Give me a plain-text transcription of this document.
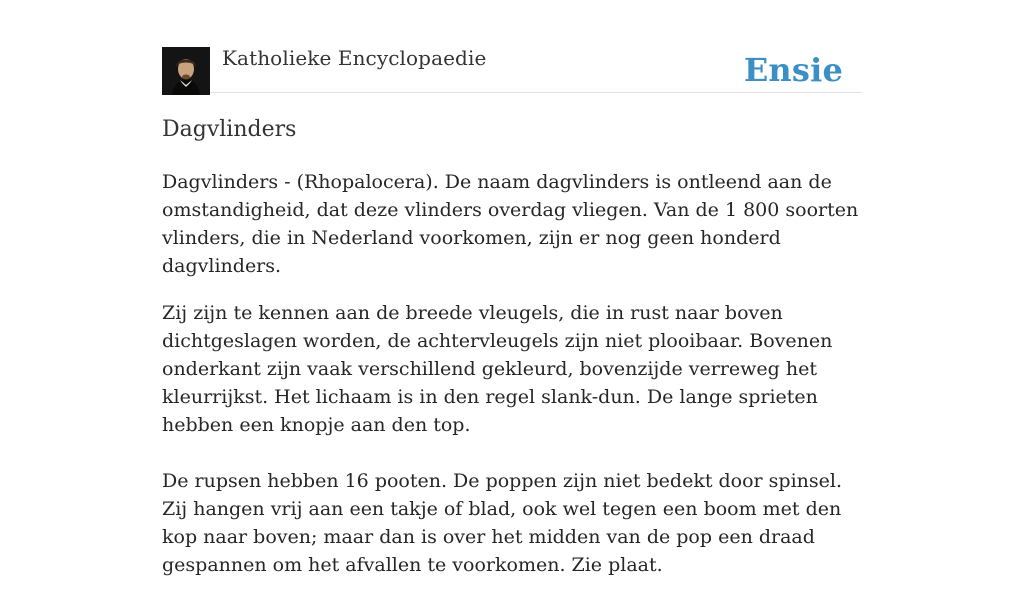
Katholieke Encyclopaedie	Ensie
Dagvlinders

Dagvlinders - (Rhopalocera). De naam dagvlinders is ontleend aan de omstandigheid, dat deze vlinders overdag vliegen. Van de 1 800 soorten vlinders, die in Nederland voorkomen, zijn er nog geen honderd dagvlinders.

Zij zijn te kennen aan de breede vleugels, die in rust naar boven dichtgeslagen worden, de achtervleugels zijn niet plooibaar. Bovenen onderkant zijn vaak verschillend gekleurd, bovenzijde verreweg het kleurrijkst. Het lichaam is in den regel slank-dun. De lange sprieten hebben een knopje aan den top.

De rupsen hebben 16 pooten. De poppen zijn niet bedekt door spinsel. Zij hangen vrij aan een takje of blad, ook wel tegen een boom met den kop naar boven; maar dan is over het midden van de pop een draad gespannen om het afvallen te voorkomen. Zie plaat.
